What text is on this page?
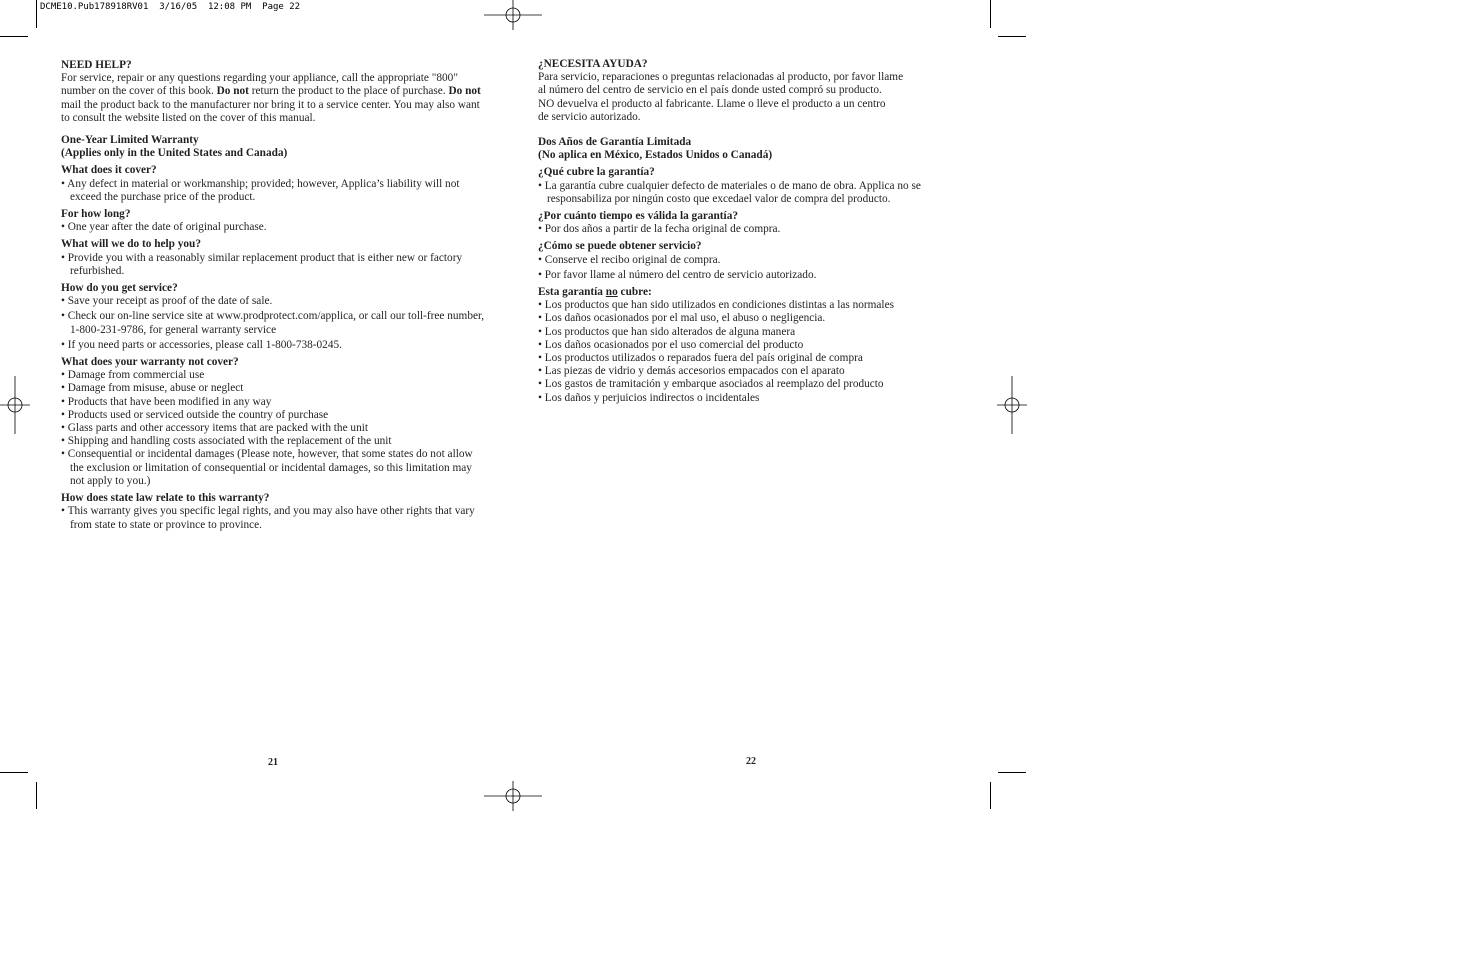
DCME10.Pub178918RV01  3/16/05  12:08 PM  Page 22
NEED HELP?

For service, repair or any questions regarding your appliance, call the appropriate "800" number on the cover of this book. Do not return the product to the place of purchase. Do not mail the product back to the manufacturer nor bring it to a service center. You may also want to consult the website listed on the cover of this manual.

One-Year Limited Warranty
(Applies only in the United States and Canada)
What does it cover?
• Any defect in material or workmanship; provided; however, Applica’s liability will not exceed the purchase price of the product.
For how long?
• One year after the date of original purchase.
What will we do to help you?
• Provide you with a reasonably similar replacement product that is either new or factory refurbished.
How do you get service?
• Save your receipt as proof of the date of sale.
• Check our on-line service site at www.prodprotect.com/applica, or call our toll-free number, 1-800-231-9786, for general warranty service
• If you need parts or accessories, please call 1-800-738-0245.
What does your warranty not cover?
• Damage from commercial use
• Damage from misuse, abuse or neglect
• Products that have been modified in any way
• Products used or serviced outside the country of purchase
• Glass parts and other accessory items that are packed with the unit
• Shipping and handling costs associated with the replacement of the unit
• Consequential or incidental damages (Please note, however, that some states do not allow the exclusion or limitation of consequential or incidental damages, so this limitation may not apply to you.)
How does state law relate to this warranty?
• This warranty gives you specific legal rights, and you may also have other rights that vary from state to state or province to province.
¿NECESITA AYUDA?
Para servicio, reparaciones o preguntas relacionadas al producto, por favor llame
al número del centro de servicio en el país donde usted compró su producto.
NO devuelva el producto al fabricante. Llame o lleve el producto a un centro
de servicio autorizado.
Dos Años de Garantía Limitada
(No aplica en México, Estados Unidos o Canadá)
¿Qué cubre la garantía?
• La garantía cubre cualquier defecto de materiales o de mano de obra. Applica no se responsabiliza por ningún costo que excedael valor de compra del producto.
¿Por cuánto tiempo es válida la garantía?
• Por dos años a partir de la fecha original de compra.
¿Cómo se puede obtener servicio?
• Conserve el recibo original de compra.
• Por favor llame al número del centro de servicio autorizado.
Esta garantía no cubre:
• Los productos que han sido utilizados en condiciones distintas a las normales
• Los daños ocasionados por el mal uso, el abuso o negligencia.
• Los productos que han sido alterados de alguna manera
• Los daños ocasionados por el uso comercial del producto
• Los productos utilizados o reparados fuera del país original de compra
• Las piezas de vidrio y demás accesorios empacados con el aparato
• Los gastos de tramitación y embarque asociados al reemplazo del producto
• Los daños y perjuicios indirectos o incidentales
21	22
